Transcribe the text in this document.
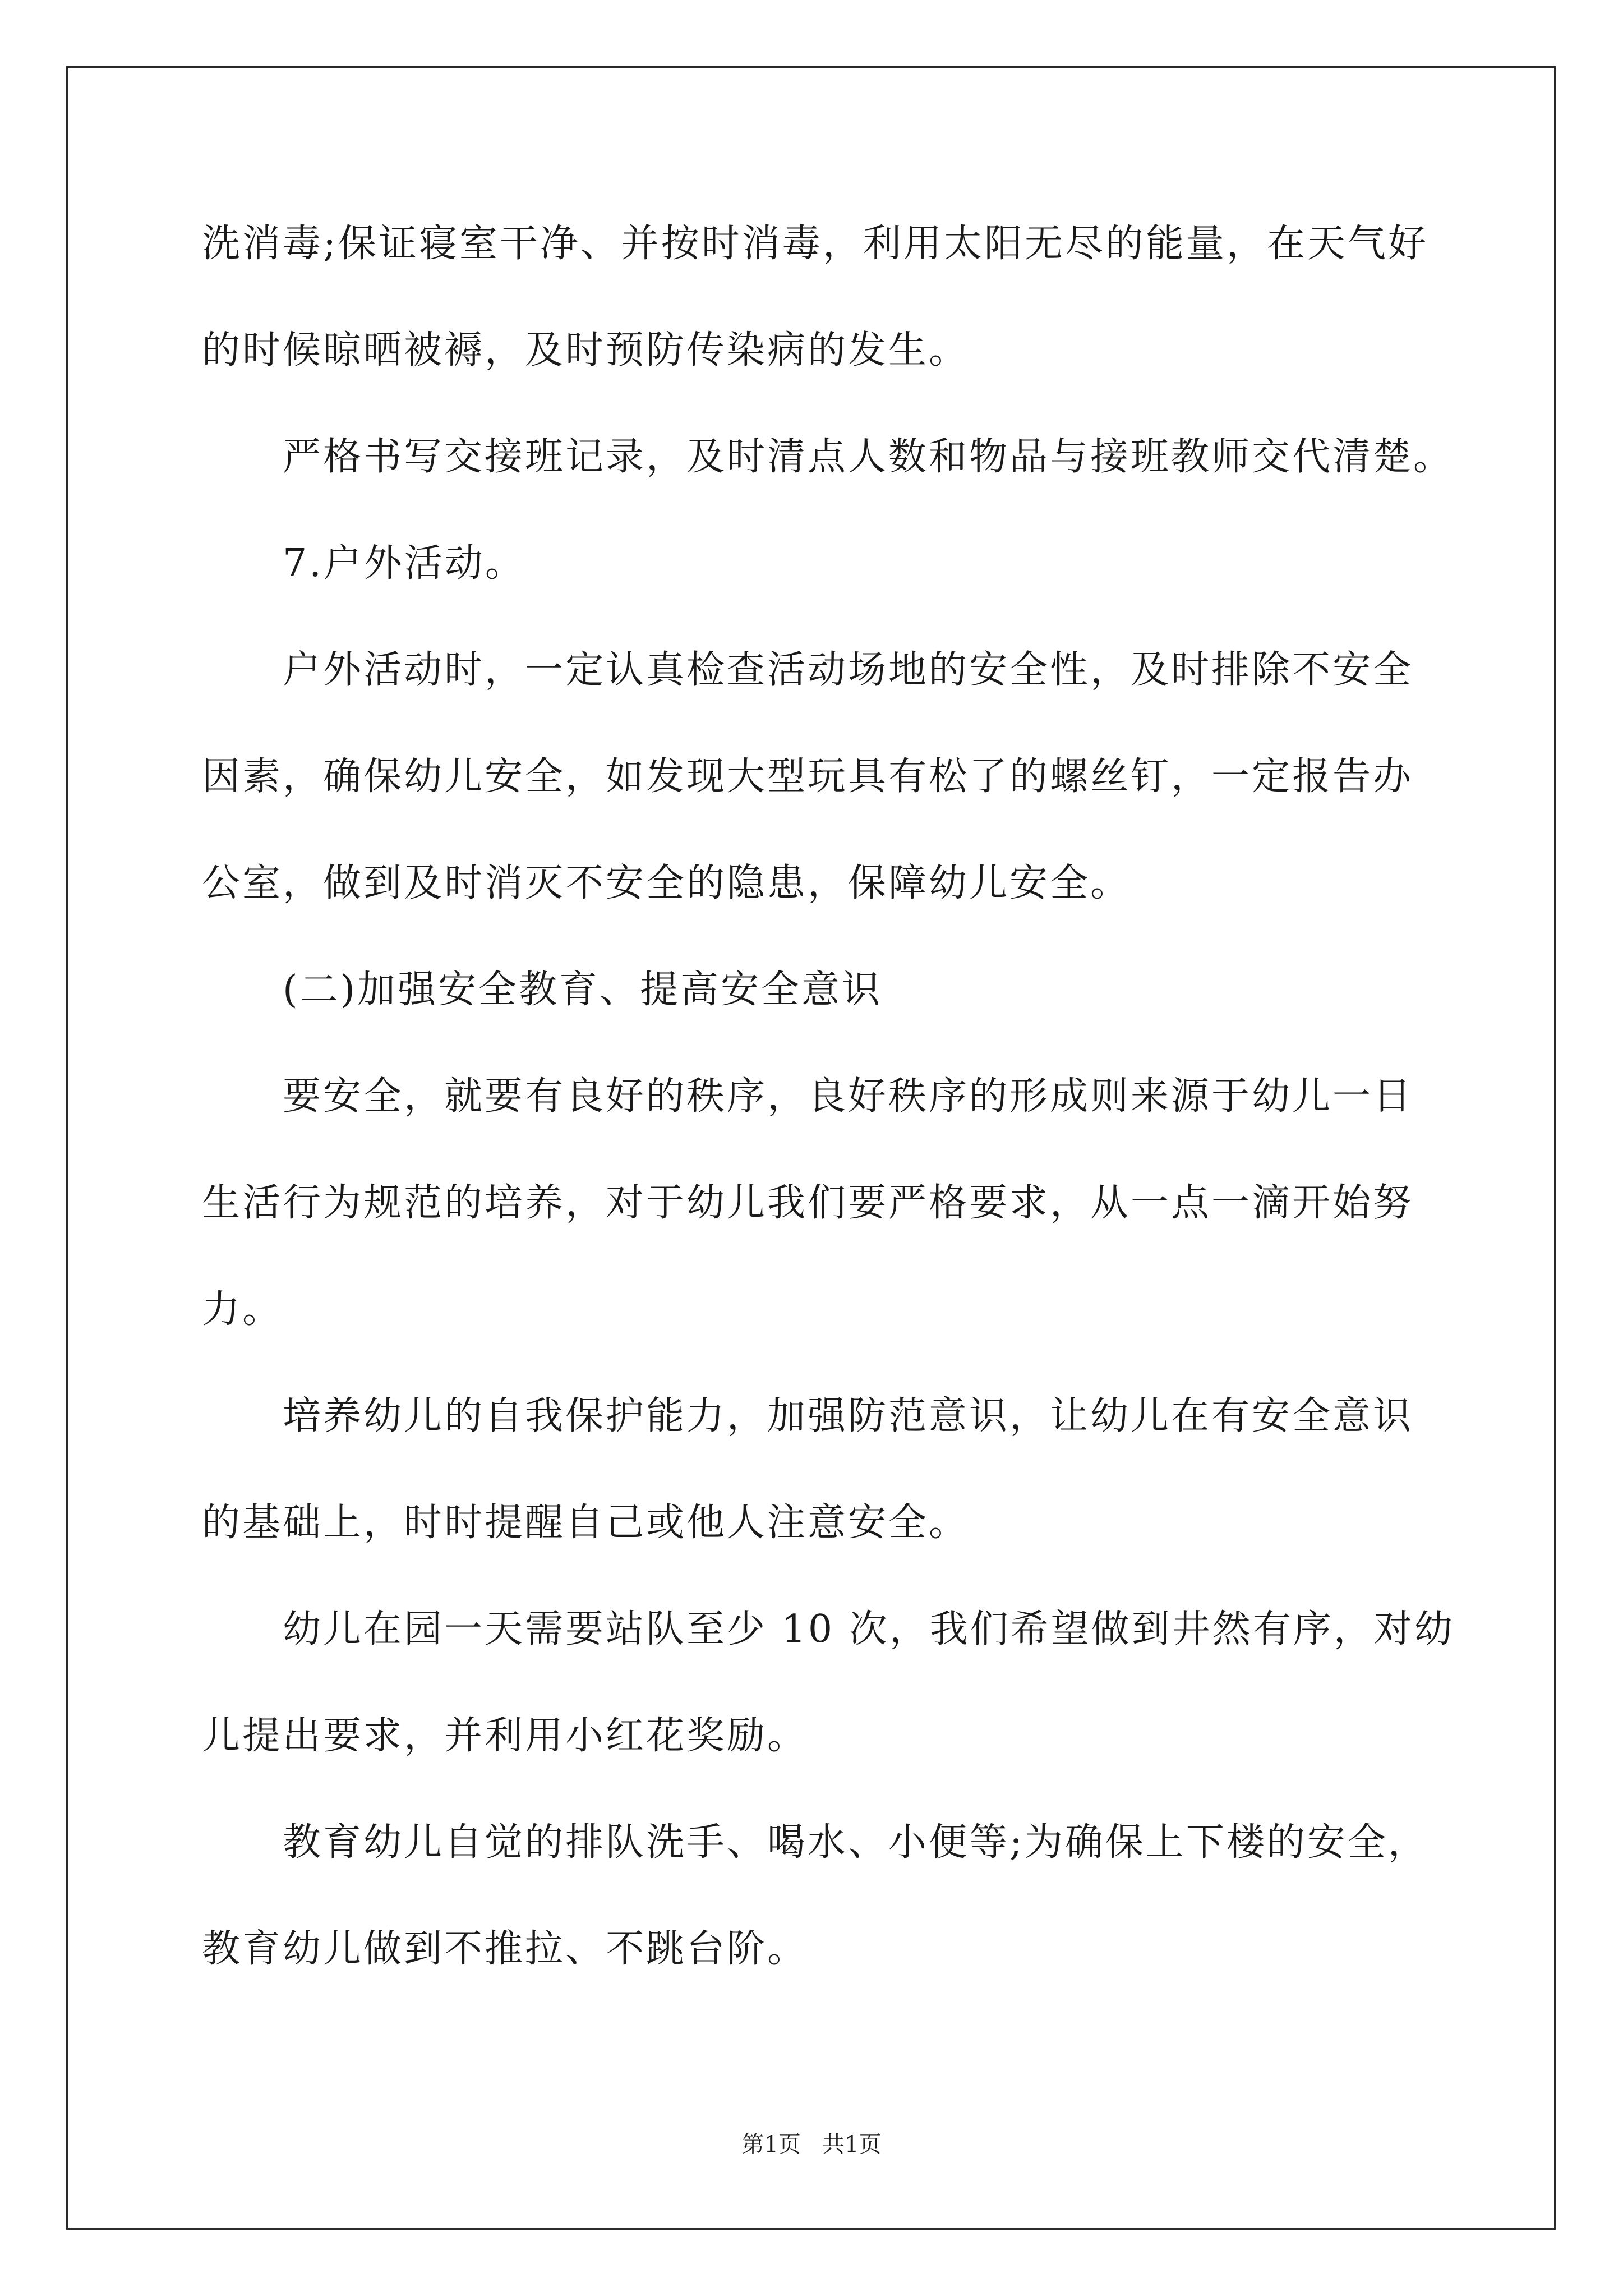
洗消毒;保证寝室干净、并按时消毒，利用太阳无尽的能量，在天气好
的时候晾晒被褥，及时预防传染病的发生。
严格书写交接班记录，及时清点人数和物品与接班教师交代清楚。
7.户外活动。
户外活动时，一定认真检查活动场地的安全性，及时排除不安全
因素，确保幼儿安全，如发现大型玩具有松了的螺丝钉，一定报告办
公室，做到及时消灭不安全的隐患，保障幼儿安全。
(二)加强安全教育、提高安全意识
要安全，就要有良好的秩序，良好秩序的形成则来源于幼儿一日
生活行为规范的培养，对于幼儿我们要严格要求，从一点一滴开始努
力。
培养幼儿的自我保护能力，加强防范意识，让幼儿在有安全意识
的基础上，时时提醒自己或他人注意安全。
幼儿在园一天需要站队至少 10 次，我们希望做到井然有序，对幼
儿提出要求，并利用小红花奖励。
教育幼儿自觉的排队洗手、喝水、小便等;为确保上下楼的安全，
教育幼儿做到不推拉、不跳台阶。
第1页   共1页
